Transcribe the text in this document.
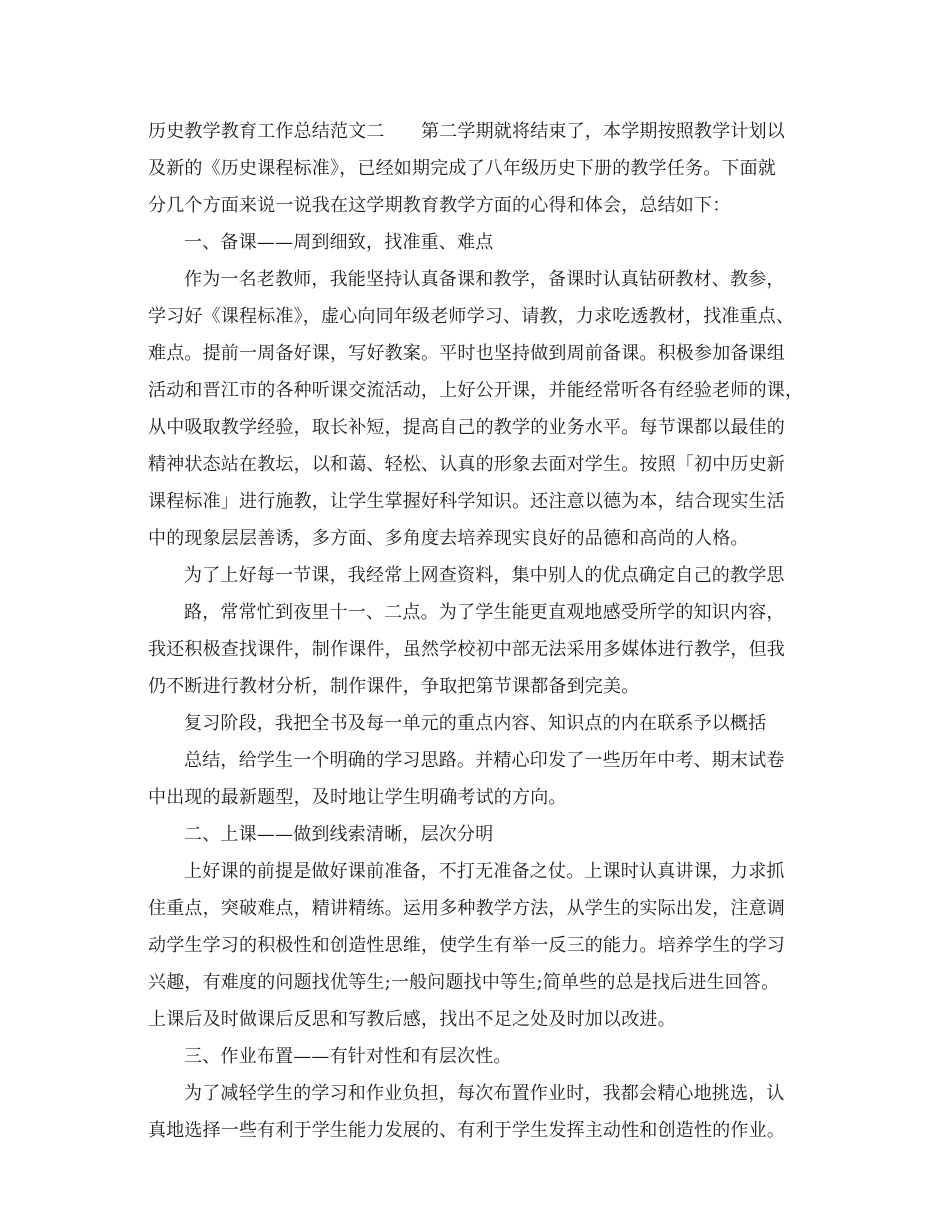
历史教学教育工作总结范文二　　第二学期就将结束了，本学期按照教学计划以
及新的《历史课程标准》，已经如期完成了八年级历史下册的教学任务。下面就
分几个方面来说一说我在这学期教育教学方面的心得和体会，总结如下：
一、备课——周到细致，找准重、难点
作为一名老教师，我能坚持认真备课和教学，备课时认真钻研教材、教参，
学习好《课程标准》，虚心向同年级老师学习、请教，力求吃透教材，找准重点、
难点。提前一周备好课，写好教案。平时也坚持做到周前备课。积极参加备课组
活动和晋江市的各种听课交流活动，上好公开课，并能经常听各有经验老师的课，
从中吸取教学经验，取长补短，提高自己的教学的业务水平。每节课都以最佳的
精神状态站在教坛，以和蔼、轻松、认真的形象去面对学生。按照「初中历史新
课程标准」进行施教，让学生掌握好科学知识。还注意以德为本，结合现实生活
中的现象层层善诱，多方面、多角度去培养现实良好的品德和高尚的人格。
为了上好每一节课，我经常上网查资料，集中别人的优点确定自己的教学思
路，常常忙到夜里十一、二点。为了学生能更直观地感受所学的知识内容，
我还积极查找课件，制作课件，虽然学校初中部无法采用多媒体进行教学，但我
仍不断进行教材分析，制作课件，争取把第节课都备到完美。
复习阶段，我把全书及每一单元的重点内容、知识点的内在联系予以概括
总结，给学生一个明确的学习思路。并精心印发了一些历年中考、期末试卷
中出现的最新题型，及时地让学生明确考试的方向。
二、上课——做到线索清晰，层次分明
上好课的前提是做好课前准备，不打无准备之仗。上课时认真讲课，力求抓
住重点，突破难点，精讲精练。运用多种教学方法，从学生的实际出发，注意调
动学生学习的积极性和创造性思维，使学生有举一反三的能力。培养学生的学习
兴趣，有难度的问题找优等生;一般问题找中等生;简单些的总是找后进生回答。
上课后及时做课后反思和写教后感，找出不足之处及时加以改进。
三、作业布置——有针对性和有层次性。
为了减轻学生的学习和作业负担，每次布置作业时，我都会精心地挑选，认
真地选择一些有利于学生能力发展的、有利于学生发挥主动性和创造性的作业。
